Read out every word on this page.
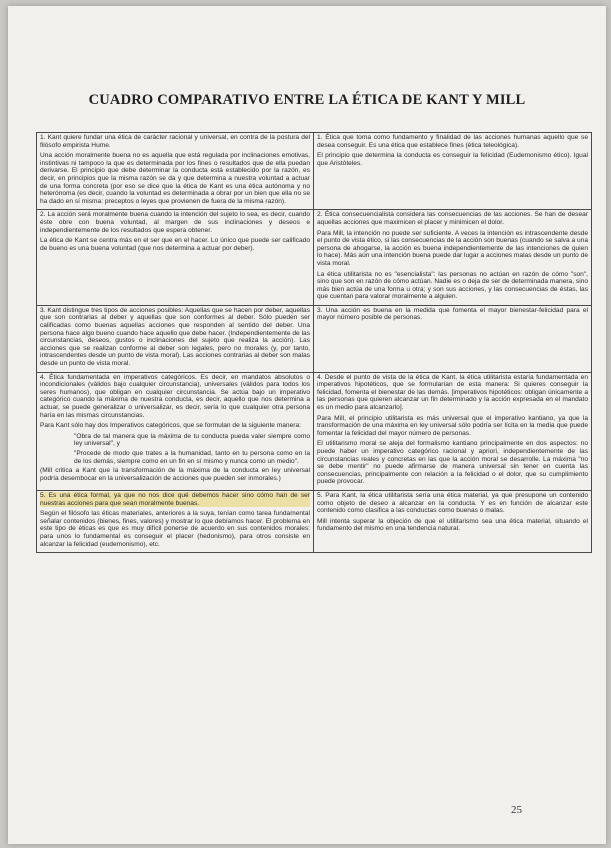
CUADRO COMPARATIVO ENTRE LA ÉTICA DE KANT Y MILL

1. Kant quiere fundar una ética de carácter racional y universal, en contra de la postura del filósofo empirista Hume.

Una acción moralmente buena no es aquella que está regulada por inclinaciones emotivas, instintivas ni tampoco la que es determinada por los fines o resultados que de ella puedan derivarse. El principio que debe determinar la conducta está establecido por la razón, es decir, en principios que la misma razón se da y que determina a nuestra voluntad a actuar de una forma concreta (por eso se dice que la ética de Kant es una ética autónoma y no heterónoma (es decir, cuando la voluntad es determinada a obrar por un bien que ella no se ha dado en sí misma: preceptos o leyes que provienen de fuera de la misma razón).

1. Ética que toma como fundamento y finalidad de las acciones humanas aquello que se desea conseguir. Es una ética que establece fines (ética teleológica).

El principio que determina la conducta es conseguir la felicidad (Eudemonismo ético). Igual que Aristóteles.

2. La acción será moralmente buena cuando la intención del sujeto lo sea, es decir, cuando éste obre con buena voluntad, al margen de sus inclinaciones y deseos e independientemente de los resultados que espera obtener.

La ética de Kant se centra más en el ser que en el hacer. Lo único que puede ser calificado de bueno es una buena voluntad (que nos determina a actuar por deber).

2. Ética consecuencialista considera las consecuencias de las acciones. Se han de desear aquellas acciones que maximicen el placer y minimicen el dolor.

Para Mill, la intención no puede ser suficiente. A veces la intención es intrascendente desde el punto de vista ético, si las consecuencias de la acción son buenas (cuando se salva a una persona de ahogarse, la acción es buena independientemente de las intenciones de quien lo hace). Más aún una intención buena puede dar lugar a acciones malas desde un punto de vista moral.

La ética utilitarista no es "esencialista": las personas no actúan en razón de cómo "son", sino que son en razón de cómo actúan. Nadie es o deja de ser de determinada manera, sino más bien actúa de una forma u otra; y son sus acciones, y las consecuencias de éstas, las que cuentan para valorar moralmente a alguien.

3. Kant distingue tres tipos de acciones posibles: Aquellas que se hacen por deber, aquellas que son contrarias al deber y aquellas que son conformes al deber. Sólo pueden ser calificadas como buenas aquellas acciones que responden al sentido del deber. Una persona hace algo bueno cuando hace aquello que debe hacer. (Independientemente de las circunstancias, deseos, gustos o inclinaciones del sujeto que realiza la acción). Las acciones que se realizan conforme al deber son legales, pero no morales (y, por tanto, intrascendentes desde un punto de vista moral). Las acciones contrarias al deber son malas desde un punto de vista moral.

3. Una acción es buena en la medida que fomenta el mayor bienestar-felicidad para el mayor número posible de personas.

4. Ética fundamentada en imperativos categóricos. Es decir, en mandatos absolutos o incondicionales (válidos bajo cualquier circunstancia), universales (válidos para todos los seres humanos), que obligan en cualquier circunstancia. Se actúa bajo un imperativo categórico cuando la máxima de nuestra conducta, es decir, aquello que nos determina a actuar, se puede generalizar o universalizar, es decir, sería lo que cualquier otra persona haría en las mismas circunstancias.

Para Kant sólo hay dos Imperativos categóricos, que se formulan de la siguiente manera:

"Obra de tal manera que la máxima de tu conducta pueda valer siempre como ley universal", y

"Procede de modo que trates a la humanidad, tanto en tu persona como en la de los demás, siempre como en un fin en sí mismo y nunca como un medio".

(Mill critica a Kant que la transformación de la máxima de la conducta en ley universal podría desembocar en la universalización de acciones que pueden ser inmorales.)

4. Desde el punto de vista de la ética de Kant, la ética utilitarista estaría fundamentada en imperativos hipotéticos, que se formularían de esta manera: Si quieres conseguir la felicidad, fomenta el bienestar de las demás. [imperativos hipotéticos: obligan únicamente a las personas que quieren alcanzar un fin determinado y la acción expresada en el mandato es un medio para alcanzarlo].

Para Mill, el principio utilitarista es más universal que el imperativo kantiano, ya que la transformación de una máxima en ley universal sólo podría ser lícita en la media que puede fomentar la felicidad del mayor número de personas.

El utilitarismo moral se aleja del formalismo kantiano principalmente en dos aspectos: no puede haber un imperativo categórico racional y apriori, independientemente de las circunstancias reales y concretas en las que la acción moral se desarrolle. La máxima "no se debe mentir" no puede afirmarse de manera universal sin tener en cuenta las consecuencias, principalmente con relación a la felicidad o el dolor, que su cumplimiento puede provocar.

5. Es una ética formal, ya que no nos dice qué debemos hacer sino cómo han de ser nuestras acciones para que sean moralmente buenas.

Según el filósofo las éticas materiales, anteriores a la suya, tenían como tarea fundamental señalar contenidos (bienes, fines, valores) y mostrar lo que debíamos hacer. El problema en este tipo de éticas es que es muy difícil ponerse de acuerdo en sus contenidos morales: para unos lo fundamental es conseguir el placer (hedonismo), para otros consiste en alcanzar la felicidad (eudemonismo), etc.

5. Para Kant, la ética utilitarista sería una ética material, ya que presupone un contenido como objeto de deseo a alcanzar en la conducta. Y es en función de alcanzar este contenido como clasifica a las conductas como buenas o malas.

Mill intenta superar la objeción de que el utilitarismo sea una ética material, situando el fundamento del mismo en una tendencia natural.

25
